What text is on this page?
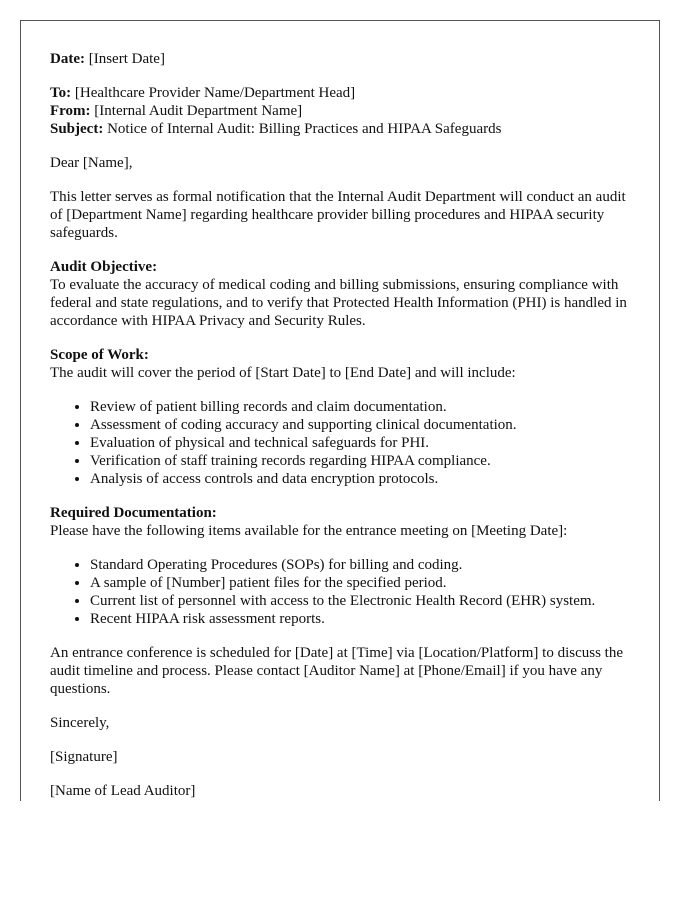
Date: [Insert Date]

To: [Healthcare Provider Name/Department Head]

From: [Internal Audit Department Name]

Subject: Notice of Internal Audit: Billing Practices and HIPAA Safeguards

Dear [Name],

This letter serves as formal notification that the Internal Audit Department will conduct an audit of [Department Name] regarding healthcare provider billing procedures and HIPAA security safeguards.

Audit Objective:
To evaluate the accuracy of medical coding and billing submissions, ensuring compliance with federal and state regulations, and to verify that Protected Health Information (PHI) is handled in accordance with HIPAA Privacy and Security Rules.

Scope of Work:
The audit will cover the period of [Start Date] to [End Date] and will include:

• Review of patient billing records and claim documentation.
• Assessment of coding accuracy and supporting clinical documentation.
• Evaluation of physical and technical safeguards for PHI.
• Verification of staff training records regarding HIPAA compliance.
• Analysis of access controls and data encryption protocols.

Required Documentation:
Please have the following items available for the entrance meeting on [Meeting Date]:

• Standard Operating Procedures (SOPs) for billing and coding.
• A sample of [Number] patient files for the specified period.
• Current list of personnel with access to the Electronic Health Record (EHR) system.
• Recent HIPAA risk assessment reports.

An entrance conference is scheduled for [Date] at [Time] via [Location/Platform] to discuss the audit timeline and process. Please contact [Auditor Name] at [Phone/Email] if you have any questions.

Sincerely,

[Signature]

[Name of Lead Auditor]
